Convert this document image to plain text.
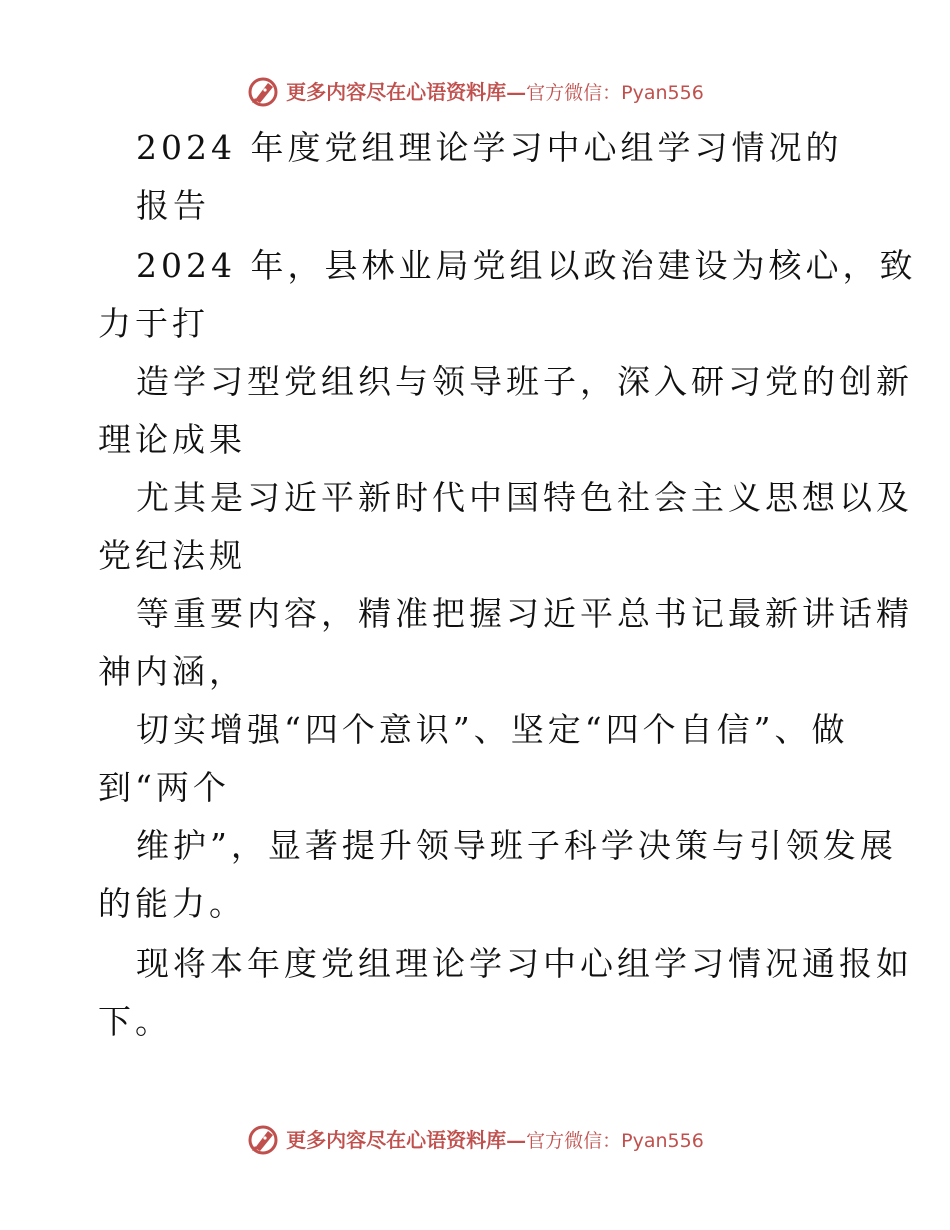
更多内容尽在心语资料库 — 官方微信：Pyan556
2024 年度党组理论学习中心组学习情况的
报告
2024 年，县林业局党组以政治建设为核心，致
力于打
造学习型党组织与领导班子，深入研习党的创新
理论成果
尤其是习近平新时代中国特色社会主义思想以及
党纪法规
等重要内容，精准把握习近平总书记最新讲话精
神内涵，
切实增强“四个意识”、坚定“四个自信”、做
到“两个
维护”，显著提升领导班子科学决策与引领发展
的能力。
现将本年度党组理论学习中心组学习情况通报如
下。
更多内容尽在心语资料库 — 官方微信：Pyan556
